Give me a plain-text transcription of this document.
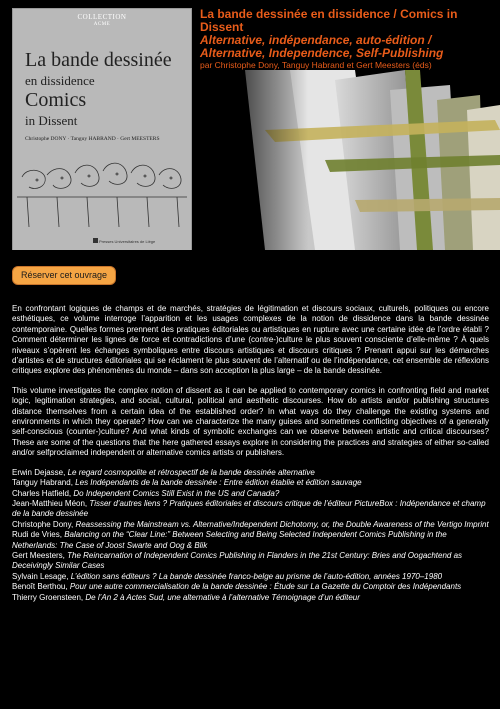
COLLECTION
ACME
La bande dessinée
en dissidence
Comics
in Dissent
Christophe DONY · Tanguy HABRAND · Gert MEESTERS
Presses Universitaires de Liège
La bande dessinée en dissidence / Comics in Dissent
Alternative, indépendance, auto-édition / Alternative, Independence, Self-Publishing
par Christophe Dony, Tanguy Habrand et Gert Meesters (éds)
Réserver cet ouvrage

En confrontant logiques de champs et de marchés, stratégies de légitimation et discours sociaux, culturels, politiques ou encore esthétiques, ce volume interroge l’apparition et les usages complexes de la notion de dissidence dans la bande dessinée contemporaine. Quelles formes prennent des pratiques éditoriales ou artistiques en rupture avec une certaine idée de l’ordre établi ? Comment déterminer les lignes de force et contradictions d’une (contre-)culture le plus souvent consciente d’elle-même ? À quels niveaux s’opèrent les échanges symboliques entre discours artistiques et discours critiques ? Prenant appui sur les démarches d’artistes et de structures éditoriales qui se réclament le plus souvent de l’alternatif ou de l’indépendance, cet ensemble de réflexions critiques explore des phénomènes du monde – dans son acception la plus large – de la bande dessinée.

This volume investigates the complex notion of dissent as it can be applied to contemporary comics in confronting field and market logic, legitimation strategies, and social, cultural, political and aesthetic discourses. How do artists and/or publishing structures distance themselves from a certain idea of the established order? In what ways do they challenge the existing systems and environments in which they operate? How can we characterize the many guises and sometimes conflicting objectives of a generally self-conscious (counter-)culture? And what kinds of symbolic exchanges can we observe between artistic and critical discourses? These are some of the questions that the here gathered essays explore in considering the practices and strategies of either so-called and/or selfproclaimed independent or alternative comics artists or publishers.

Erwin Dejasse, Le regard cosmopolite et rétrospectif de la bande dessinée alternative
Tanguy Habrand, Les Indépendants de la bande dessinée : Entre édition établie et édition sauvage
Charles Hatfield, Do Independent Comics Still Exist in the US and Canada?
Jean-Matthieu Méon, Tisser d’autres liens ? Pratiques éditoriales et discours critique de l’éditeur PictureBox : Indépendance et champ de la bande dessinée
Christophe Dony, Reassessing the Mainstream vs. Alternative/Independent Dichotomy, or, the Double Awareness of the Vertigo Imprint
Rudi de Vries, Balancing on the “Clear Line:” Between Selecting and Being Selected Independent Comics Publishing in the Netherlands: The Case of Joost Swarte and Oog & Blik
Gert Meesters, The Reincarnation of Independent Comics Publishing in Flanders in the 21st Century: Bries and Oogachtend as Deceivingly Similar Cases
Sylvain Lesage, L’édition sans éditeurs ? La bande dessinée franco-belge au prisme de l’auto-édition, années 1970–1980
Benoît Berthou, Pour une autre commercialisation de la bande dessinée : Étude sur La Gazette du Comptoir des Indépendants
Thierry Groensteen, De l’An 2 à Actes Sud, une alternative à l’alternative Témoignage d’un éditeur
